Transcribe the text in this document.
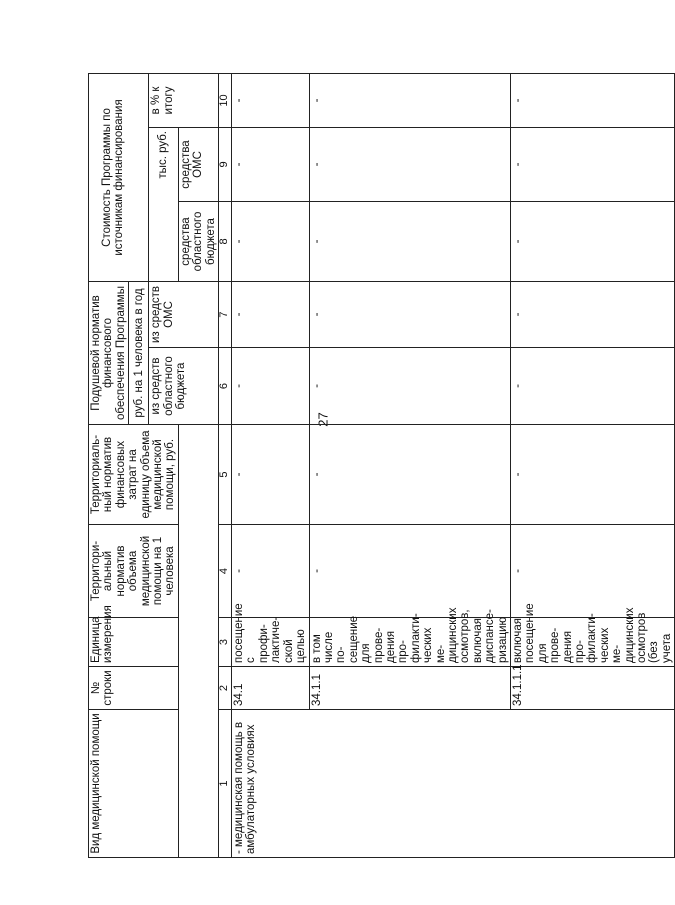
27
Вид медицинской помощи	№ строки	Единица измерения	Территори-альный норматив объема медицинской помощи на 1 человека	Территориаль-ный норматив финансовых затрат на единицу объема медицинской помощи, руб.	Подушевой норматив финансового обеспечения Программы		Стоимость Программы по источникам финансирования		
					руб. на 1 человека в год				
					из средств областного бюджета	из средств ОМС	тыс. руб.		в % к итогу
							средства областного бюджета	средства ОМС	
1	2	3	4	5	6	7	8	9	10
- медицинская помощь в амбулаторных условиях	34.1	посещение с профи-лактиче-ской целью	-	-	-	-	-	-	-
	34.1.1	в том числе по-сещение для прове-дения про-филакти-ческих ме-дицинских осмотров, включая диспансе-ризацию	-	-	-	-	-	-	-
	34.1.1.1	включая посещение для прове-дения про-филакти-ческих ме-дицинских осмотров (без учета	-	-	-	-	-	-	-
